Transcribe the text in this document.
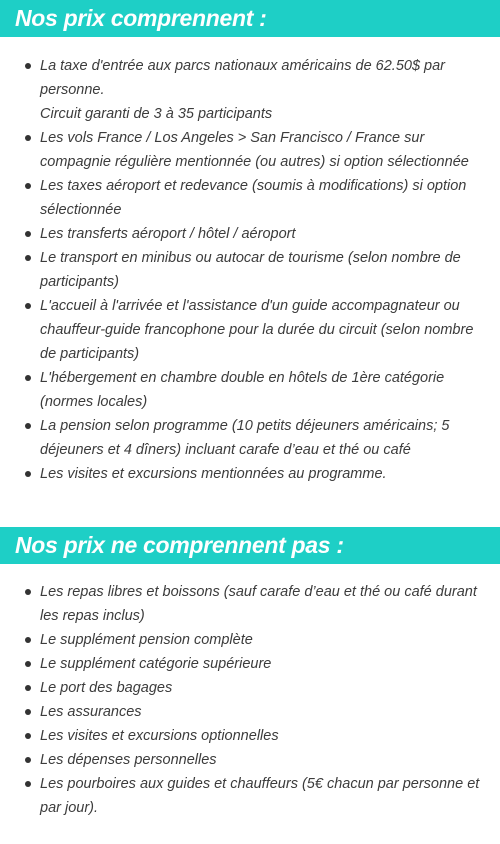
Nos prix comprennent :
La taxe d'entrée aux parcs nationaux américains de 62.50$ par personne.
Circuit garanti de 3 à 35 participants
Les vols France / Los Angeles > San Francisco / France sur compagnie régulière mentionnée (ou autres) si option sélectionnée
Les taxes aéroport et redevance (soumis à modifications) si option sélectionnée
Les transferts aéroport / hôtel / aéroport
Le transport en minibus ou autocar de tourisme (selon nombre de participants)
L'accueil à l'arrivée et l'assistance d'un guide accompagnateur ou chauffeur-guide francophone pour la durée du circuit (selon nombre de participants)
L'hébergement en chambre double en hôtels de 1ère catégorie (normes locales)
La pension selon programme (10 petits déjeuners américains; 5 déjeuners et 4 dîners) incluant carafe d’eau et thé ou café
Les visites et excursions mentionnées au programme.
Nos prix ne comprennent pas :
Les repas libres et boissons (sauf carafe d’eau et thé ou café durant les repas inclus)
Le supplément pension complète
Le supplément catégorie supérieure
Le port des bagages
Les assurances
Les visites et excursions optionnelles
Les dépenses personnelles
Les pourboires aux guides et chauffeurs (5€ chacun par personne et par jour).
